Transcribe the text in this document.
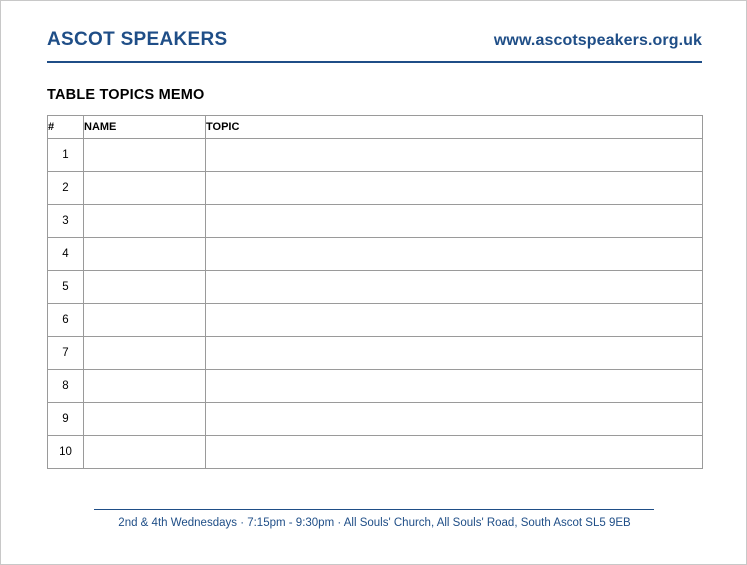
ASCOT SPEAKERS	www.ascotspeakers.org.uk
TABLE TOPICS MEMO
#	NAME	TOPIC
1		
2		
3		
4		
5		
6		
7		
8		
9		
10		
2nd & 4th Wednesdays · 7:15pm - 9:30pm · All Souls' Church, All Souls' Road, South Ascot SL5 9EB
